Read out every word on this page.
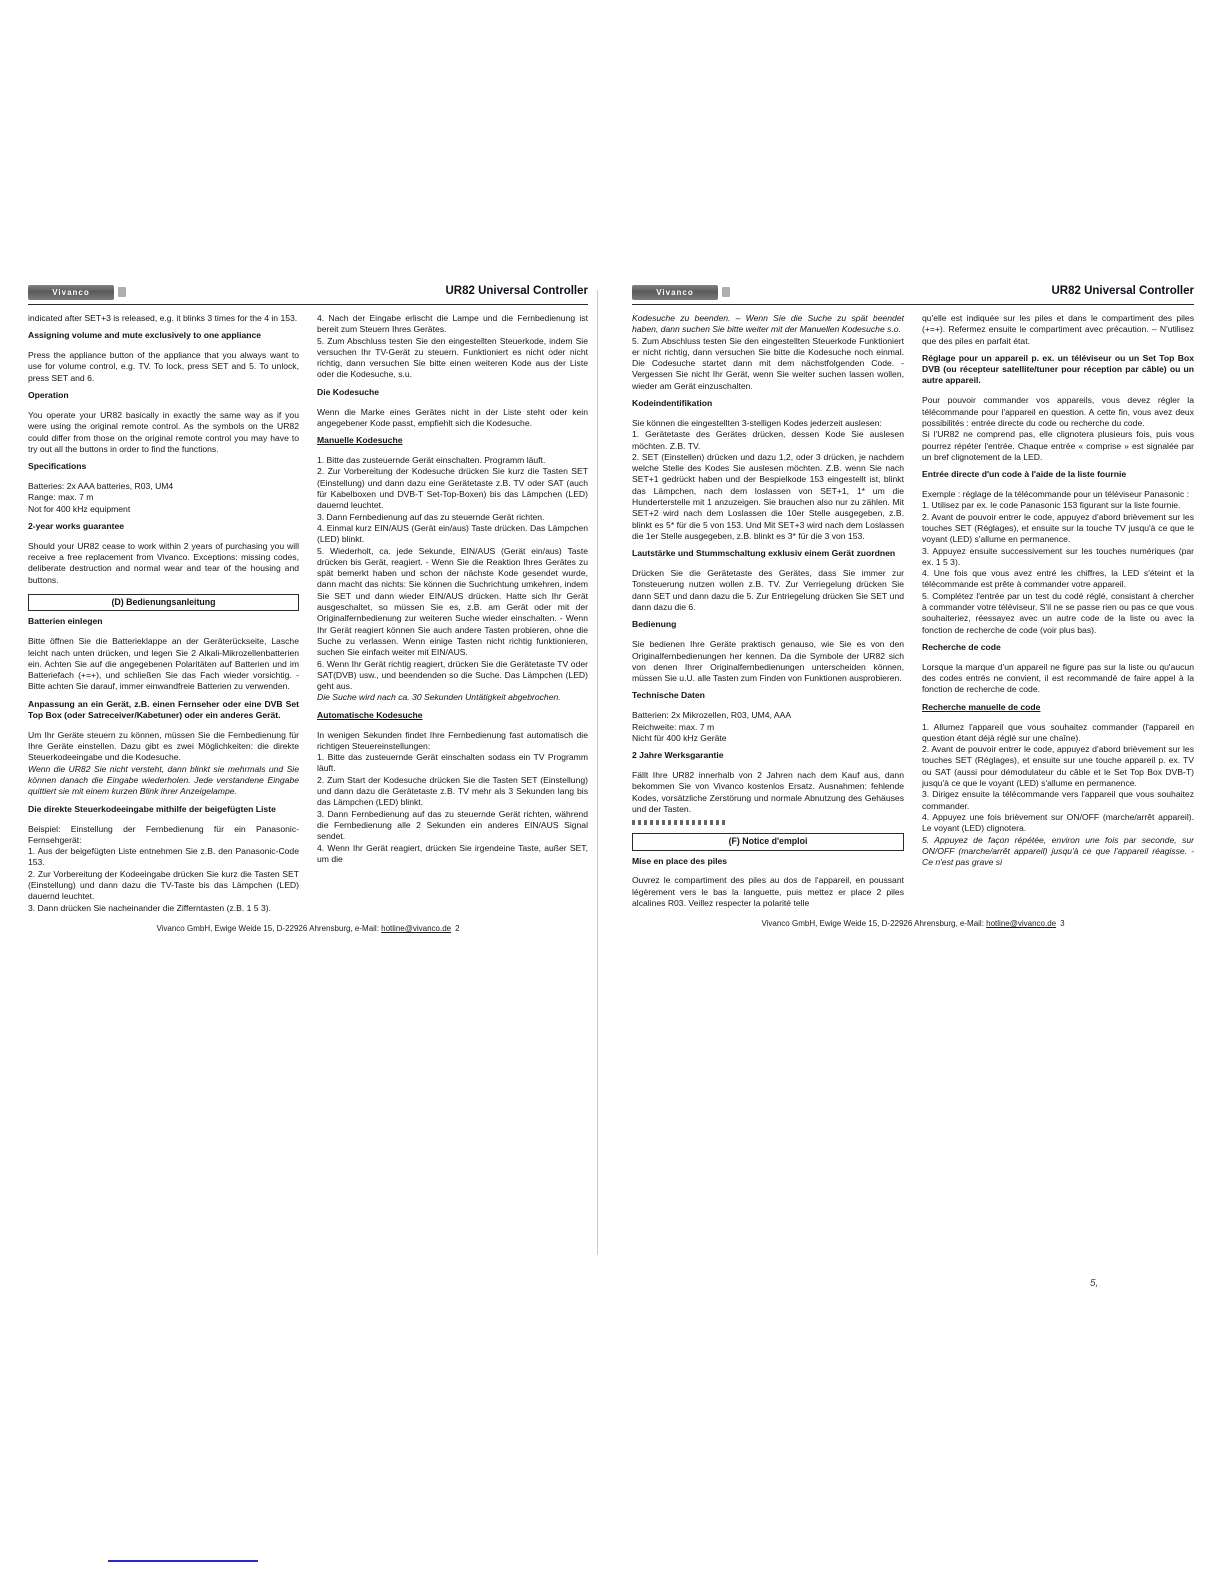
Vivanco	UR82 Universal Controller

indicated after SET+3 is released, e.g. it blinks 3 times for the 4 in 153.

Assigning volume and mute exclusively to one appliance

Press the appliance button of the appliance that you always want to use for volume control, e.g. TV. To lock, press SET and 5. To unlock, press SET and 6.

Operation

You operate your UR82 basically in exactly the same way as if you were using the original remote control. As the symbols on the UR82 could differ from those on the original remote control you may have to try out all the buttons in order to find the functions.

Specifications

Batteries: 2x AAA batteries, R03, UM4

Range: max. 7 m

Not for 400 kHz equipment

2-year works guarantee

Should your UR82 cease to work within 2 years of purchasing you will receive a free replacement from Vivanco. Exceptions: missing codes, deliberate destruction and normal wear and tear of the housing and buttons.

(D) Bedienungsanleitung

Batterien einlegen

Bitte öffnen Sie die Batterieklappe an der Geräterückseite, Lasche leicht nach unten drücken, und legen Sie 2 Alkali-Mikrozellenbatterien ein. Achten Sie auf die angegebenen Polaritäten auf Batterien und im Batteriefach (+=+), und schließen Sie das Fach wieder vorsichtig. - Bitte achten Sie darauf, immer einwandfreie Batterien zu verwenden.

Anpassung an ein Gerät, z.B. einen Fernseher oder eine DVB Set Top Box (oder Satreceiver/Kabetuner) oder ein anderes Gerät.

Um Ihr Geräte steuern zu können, müssen Sie die Fernbedienung für Ihre Geräte einstellen. Dazu gibt es zwei Möglichkeiten: die direkte Steuerkodeeingabe und die Kodesuche.

Wenn die UR82 Sie nicht versteht, dann blinkt sie mehrmals und Sie können danach die Eingabe wiederholen. Jede verstandene Eingabe quittiert sie mit einem kurzen Blink ihrer Anzeigelampe.

Die direkte Steuerkodeeingabe mithilfe der beigefügten Liste

Beispiel: Einstellung der Fernbedienung für ein Panasonic-Fernsehgerät:

1. Aus der beigefügten Liste entnehmen Sie z.B. den Panasonic-Code 153.

2. Zur Vorbereitung der Kodeeingabe drücken Sie kurz die Tasten SET (Einstellung) und dann dazu die TV-Taste bis das Lämpchen (LED) dauernd leuchtet.

3. Dann drücken Sie nacheinander die Zifferntasten (z.B. 1 5 3).

4. Nach der Eingabe erlischt die Lampe und die Fernbedienung ist bereit zum Steuern Ihres Gerätes.

5. Zum Abschluss testen Sie den eingestellten Steuerkode, indem Sie versuchen Ihr TV-Gerät zu steuern. Funktioniert es nicht oder nicht richtig, dann versuchen Sie bitte einen weiteren Kode aus der Liste oder die Kodesuche, s.u.

Die Kodesuche

Wenn die Marke eines Gerätes nicht in der Liste steht oder kein angegebener Kode passt, empfiehlt sich die Kodesuche.

Manuelle Kodesuche

1. Bitte das zusteuernde Gerät einschalten. Programm läuft.

2. Zur Vorbereitung der Kodesuche drücken Sie kurz die Tasten SET (Einstellung) und dann dazu eine Gerätetaste z.B. TV oder SAT (auch für Kabelboxen und DVB-T Set-Top-Boxen) bis das Lämpchen (LED) dauernd leuchtet.

3. Dann Fernbedienung auf das zu steuernde Gerät richten.

4. Einmal kurz EIN/AUS (Gerät ein/aus) Taste drücken. Das Lämpchen (LED) blinkt.

5. Wiederholt, ca. jede Sekunde, EIN/AUS (Gerät ein/aus) Taste drücken bis Gerät, reagiert. - Wenn Sie die Reaktion Ihres Gerätes zu spät bemerkt haben und schon der nächste Kode gesendet wurde, dann macht das nichts: Sie können die Suchrichtung umkehren, indem Sie SET und dann wieder EIN/AUS drücken. Hatte sich Ihr Gerät ausgeschaltet, so müssen Sie es, z.B. am Gerät oder mit der Originalfernbedienung zur weiteren Suche wieder einschalten. - Wenn Ihr Gerät reagiert können Sie auch andere Tasten probieren, ohne die Suche zu verlassen. Wenn einige Tasten nicht richtig funktionieren, suchen Sie einfach weiter mit EIN/AUS.

6. Wenn Ihr Gerät richtig reagiert, drücken Sie die Gerätetaste TV oder SAT(DVB) usw., und beendenden so die Suche. Das Lämpchen (LED) geht aus.

Die Suche wird nach ca. 30 Sekunden Untätigkeit abgebrochen.

Automatische Kodesuche

In wenigen Sekunden findet Ihre Fernbedienung fast automatisch die richtigen Steuereinstellungen:

1. Bitte das zusteuernde Gerät einschalten sodass ein TV Programm läuft.

2. Zum Start der Kodesuche drücken Sie die Tasten SET (Einstellung) und dann dazu die Gerätetaste z.B. TV mehr als 3 Sekunden lang bis das Lämpchen (LED) blinkt.

3. Dann Fernbedienung auf das zu steuernde Gerät richten, während die Fernbedienung alle 2 Sekunden ein anderes EIN/AUS Signal sendet.

4. Wenn Ihr Gerät reagiert, drücken Sie irgendeine Taste, außer SET, um die

Vivanco GmbH, Ewige Weide 15, D-22926 Ahrensburg, e-Mail: hotline@vivanco.de 2
Vivanco	UR82 Universal Controller

Kodesuche zu beenden. – Wenn Sie die Suche zu spät beendet haben, dann suchen Sie bitte weiter mit der Manuellen Kodesuche s.o.

5. Zum Abschluss testen Sie den eingestellten Steuerkode Funktioniert er nicht richtig, dann versuchen Sie bitte die Kodesuche noch einmal. Die Codesuche startet dann mit dem nächstfolgenden Code. - Vergessen Sie nicht Ihr Gerät, wenn Sie weiter suchen lassen wollen, wieder am Gerät einzuschalten.

Kodeindentifikation

Sie können die eingestellten 3-stelligen Kodes jederzeit auslesen:

1. Gerätetaste des Gerätes drücken, dessen Kode Sie auslesen möchten. Z.B. TV.

2. SET (Einstellen) drücken und dazu 1,2, oder 3 drücken, je nachdem welche Stelle des Kodes Sie auslesen möchten. Z.B. wenn Sie nach SET+1 gedrückt haben und der Bespielkode 153 eingestellt ist, blinkt das Lämpchen, nach dem loslassen von SET+1, 1* um die Hunderterstelle mit 1 anzuzeigen. Sie brauchen also nur zu zählen. Mit SET+2 wird nach dem Loslassen die 10er Stelle ausgegeben, z.B. blinkt es 5* für die 5 von 153. Und Mit SET+3 wird nach dem Loslassen die 1er Stelle ausgegeben, z.B. blinkt es 3* für die 3 von 153.

Lautstärke und Stummschaltung exklusiv einem Gerät zuordnen

Drücken Sie die Gerätetaste des Gerätes, dass Sie immer zur Tonsteuerung nutzen wollen z.B. TV. Zur Verriegelung drücken Sie dann SET und dann dazu die 5. Zur Entriegelung drücken Sie SET und dann dazu die 6.

Bedienung

Sie bedienen Ihre Geräte praktisch genauso, wie Sie es von den Originalfernbedienungen her kennen. Da die Symbole der UR82 sich von denen Ihrer Originalfernbedienungen unterscheiden können, müssen Sie u.U. alle Tasten zum Finden von Funktionen ausprobieren.

Technische Daten

Batterien: 2x Mikrozellen, R03, UM4, AAA

Reichweite: max. 7 m

Nicht für 400 kHz Geräte

2 Jahre Werksgarantie

Fällt Ihre UR82 innerhalb von 2 Jahren nach dem Kauf aus, dann bekommen Sie von Vivanco kostenlos Ersatz. Ausnahmen: fehlende Kodes, vorsätzliche Zerstörung und normale Abnutzung des Gehäuses und der Tasten.

(F) Notice d'emploi

Mise en place des piles

Ouvrez le compartiment des piles au dos de l'appareil, en poussant légèrement vers le bas la languette, puis mettez er place 2 piles alcalines R03. Veillez respecter la polarité telle

qu'elle est indiquée sur les piles et dans le compartiment des piles (+=+). Refermez ensuite le compartiment avec précaution. – N'utilisez que des piles en parfait état.

Réglage pour un appareil p. ex. un téléviseur ou un Set Top Box DVB (ou récepteur satellite/tuner pour réception par câble) ou un autre appareil.

Pour pouvoir commander vos appareils, vous devez régler la télécommande pour l'appareil en question. A cette fin, vous avez deux possibilités : entrée directe du code ou recherche du code.

Si l'UR82 ne comprend pas, elle clignotera plusieurs fois, puis vous pourrez répéter l'entrée. Chaque entrée « comprise » est signalée par un bref clignotement de la LED.

Entrée directe d'un code à l'aide de la liste fournie

Exemple : réglage de la télécommande pour un téléviseur Panasonic :

1. Utilisez par ex. le code Panasonic 153 figurant sur la liste fournie.

2. Avant de pouvoir entrer le code, appuyez d'abord brièvement sur les touches SET (Réglages), et ensuite sur la touche TV jusqu'à ce que le voyant (LED) s'allume en permanence.

3. Appuyez ensuite successivement sur les touches numériques (par ex. 1 5 3).

4. Une fois que vous avez entré les chiffres, la LED s'éteint et la télécommande est prête à commander votre appareil.

5. Complétez l'entrée par un test du codé réglé, consistant à chercher à commander votre téléviseur. S'il ne se passe rien ou pas ce que vous souhaiteriez, réessayez avec un autre code de la liste ou avec la fonction de recherche de code (voir plus bas).

Recherche de code

Lorsque la marque d'un appareil ne figure pas sur la liste ou qu'aucun des codes entrés ne convient, il est recommandé de faire appel à la fonction de recherche de code.

Recherche manuelle de code

1. Allumez l'appareil que vous souhaitez commander (l'appareil en question étant déjà réglé sur une chaîne).

2. Avant de pouvoir entrer le code, appuyez d'abord brièvement sur les touches SET (Réglages), et ensuite sur une touche appareil p. ex. TV ou SAT (aussi pour démodulateur du câble et le Set Top Box DVB-T) jusqu'à ce que le voyant (LED) s'allume en permanence.

3. Dirigez ensuite la télécommande vers l'appareil que vous souhaitez commander.

4. Appuyez une fois brièvement sur ON/OFF (marche/arrêt appareil). Le voyant (LED) clignotera.

5. Appuyez de façon répétée, environ une fois par seconde, sur ON/OFF (marche/arrêt appareil) jusqu'à ce que l'appareil réagisse. - Ce n'est pas grave si

Vivanco GmbH, Ewige Weide 15, D-22926 Ahrensburg, e-Mail: hotline@vivanco.de 3
5,
